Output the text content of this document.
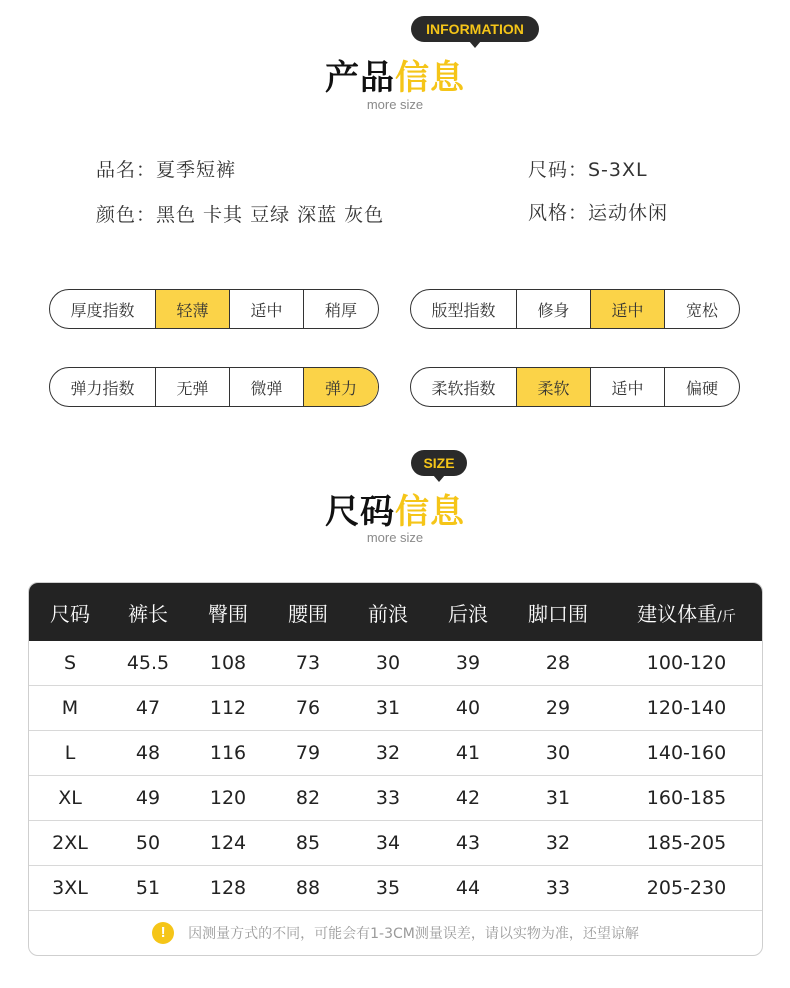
INFORMATION
产品信息
more size
品名：夏季短裤
颜色：黑色 卡其 豆绿 深蓝 灰色
尺码：S-3XL
风格：运动休闲
厚度指数	轻薄	适中	稍厚	版型指数	修身	适中	宽松
弹力指数	无弹	微弹	弹力	柔软指数	柔软	适中	偏硬
SIZE
尺码信息
more size
尺码	裤长	臀围	腰围	前浪	后浪	脚口围	建议体重/斤
S	45.5	108	73	30	39	28	100-120
M	47	112	76	31	40	29	120-140
L	48	116	79	32	41	30	140-160
XL	49	120	82	33	42	31	160-185
2XL	50	124	85	34	43	32	185-205
3XL	51	128	88	35	44	33	205-230
!	因测量方式的不同，可能会有1-3CM测量误差，请以实物为准，还望谅解
